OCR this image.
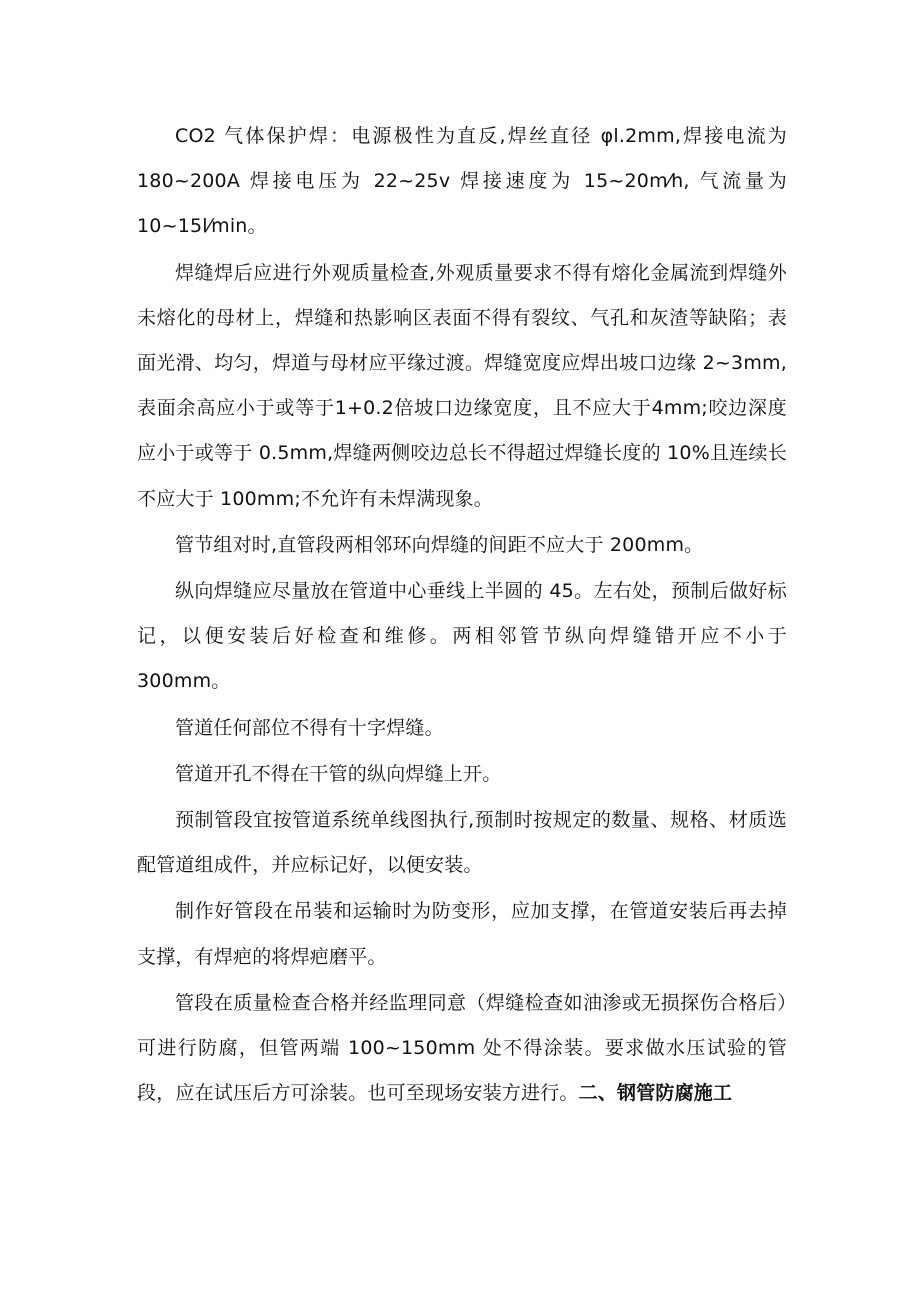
CO2 气体保护焊：电源极性为直反,焊丝直径 φl.2mm,焊接电流为180~200A 焊接电压为 22~25v 焊接速度为 15~20m⁄h, 气流量为 10~15l⁄min。

焊缝焊后应进行外观质量检查,外观质量要求不得有熔化金属流到焊缝外未熔化的母材上，焊缝和热影响区表面不得有裂纹、气孔和灰渣等缺陷；表面光滑、均匀，焊道与母材应平缘过渡。焊缝宽度应焊出坡口边缘 2~3mm,表面余高应小于或等于1+0.2倍坡口边缘宽度，且不应大于4mm;咬边深度应小于或等于 0.5mm,焊缝两侧咬边总长不得超过焊缝长度的 10%且连续长不应大于 100mm;不允许有未焊满现象。

管节组对时,直管段两相邻环向焊缝的间距不应大于 200mm。

纵向焊缝应尽量放在管道中心垂线上半圆的 45。左右处，预制后做好标记，以便安装后好检查和维修。两相邻管节纵向焊缝错开应不小于 300mm。

管道任何部位不得有十字焊缝。

管道开孔不得在干管的纵向焊缝上开。

预制管段宜按管道系统单线图执行,预制时按规定的数量、规格、材质选配管道组成件，并应标记好，以便安装。

制作好管段在吊装和运输时为防变形，应加支撑，在管道安装后再去掉支撑，有焊疤的将焊疤磨平。

管段在质量检查合格并经监理同意（焊缝检查如油渗或无损探伤合格后）可进行防腐，但管两端 100~150mm 处不得涂装。要求做水压试验的管段，应在试压后方可涂装。也可至现场安装方进行。二、钢管防腐施工
